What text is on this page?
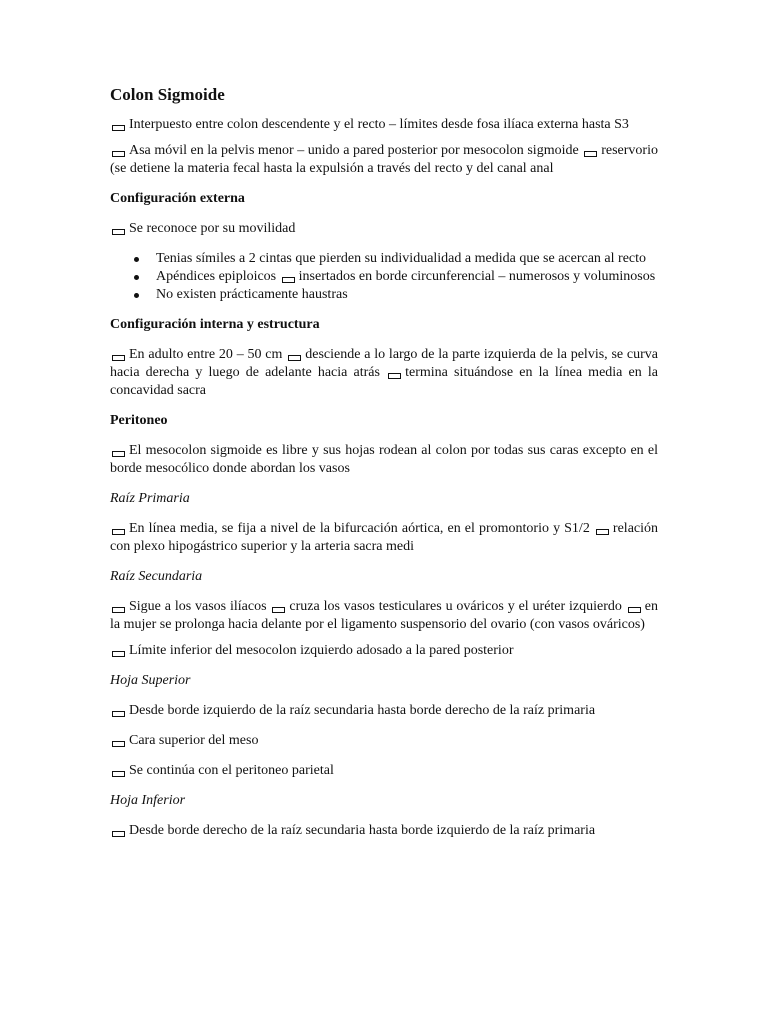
Colon Sigmoide

Interpuesto entre colon descendente y el recto – límites desde fosa ilíaca externa hasta S3

Asa móvil en la pelvis menor – unido a pared posterior por mesocolon sigmoide reservorio (se detiene la materia fecal hasta la expulsión a través del recto y del canal anal

Configuración externa

Se reconoce por su movilidad

Tenias símiles a 2 cintas que pierden su individualidad a medida que se acercan al recto
Apéndices epiploicos insertados en borde circunferencial – numerosos y voluminosos
No existen prácticamente haustras
Configuración interna y estructura

En adulto entre 20 – 50 cm desciende a lo largo de la parte izquierda de la pelvis, se curva hacia derecha y luego de adelante hacia atrás termina situándose en la línea media en la concavidad sacra

Peritoneo

El mesocolon sigmoide es libre y sus hojas rodean al colon por todas sus caras excepto en el borde mesocólico donde abordan los vasos

Raíz Primaria

En línea media, se fija a nivel de la bifurcación aórtica, en el promontorio y S1/2 relación con plexo hipogástrico superior y la arteria sacra medi

Raíz Secundaria

Sigue a los vasos ilíacos cruza los vasos testiculares u ováricos y el uréter izquierdo en la mujer se prolonga hacia delante por el ligamento suspensorio del ovario (con vasos ováricos)

Límite inferior del mesocolon izquierdo adosado a la pared posterior

Hoja Superior

Desde borde izquierdo de la raíz secundaria hasta borde derecho de la raíz primaria

Cara superior del meso

Se continúa con el peritoneo parietal

Hoja Inferior

Desde borde derecho de la raíz secundaria hasta borde izquierdo de la raíz primaria
